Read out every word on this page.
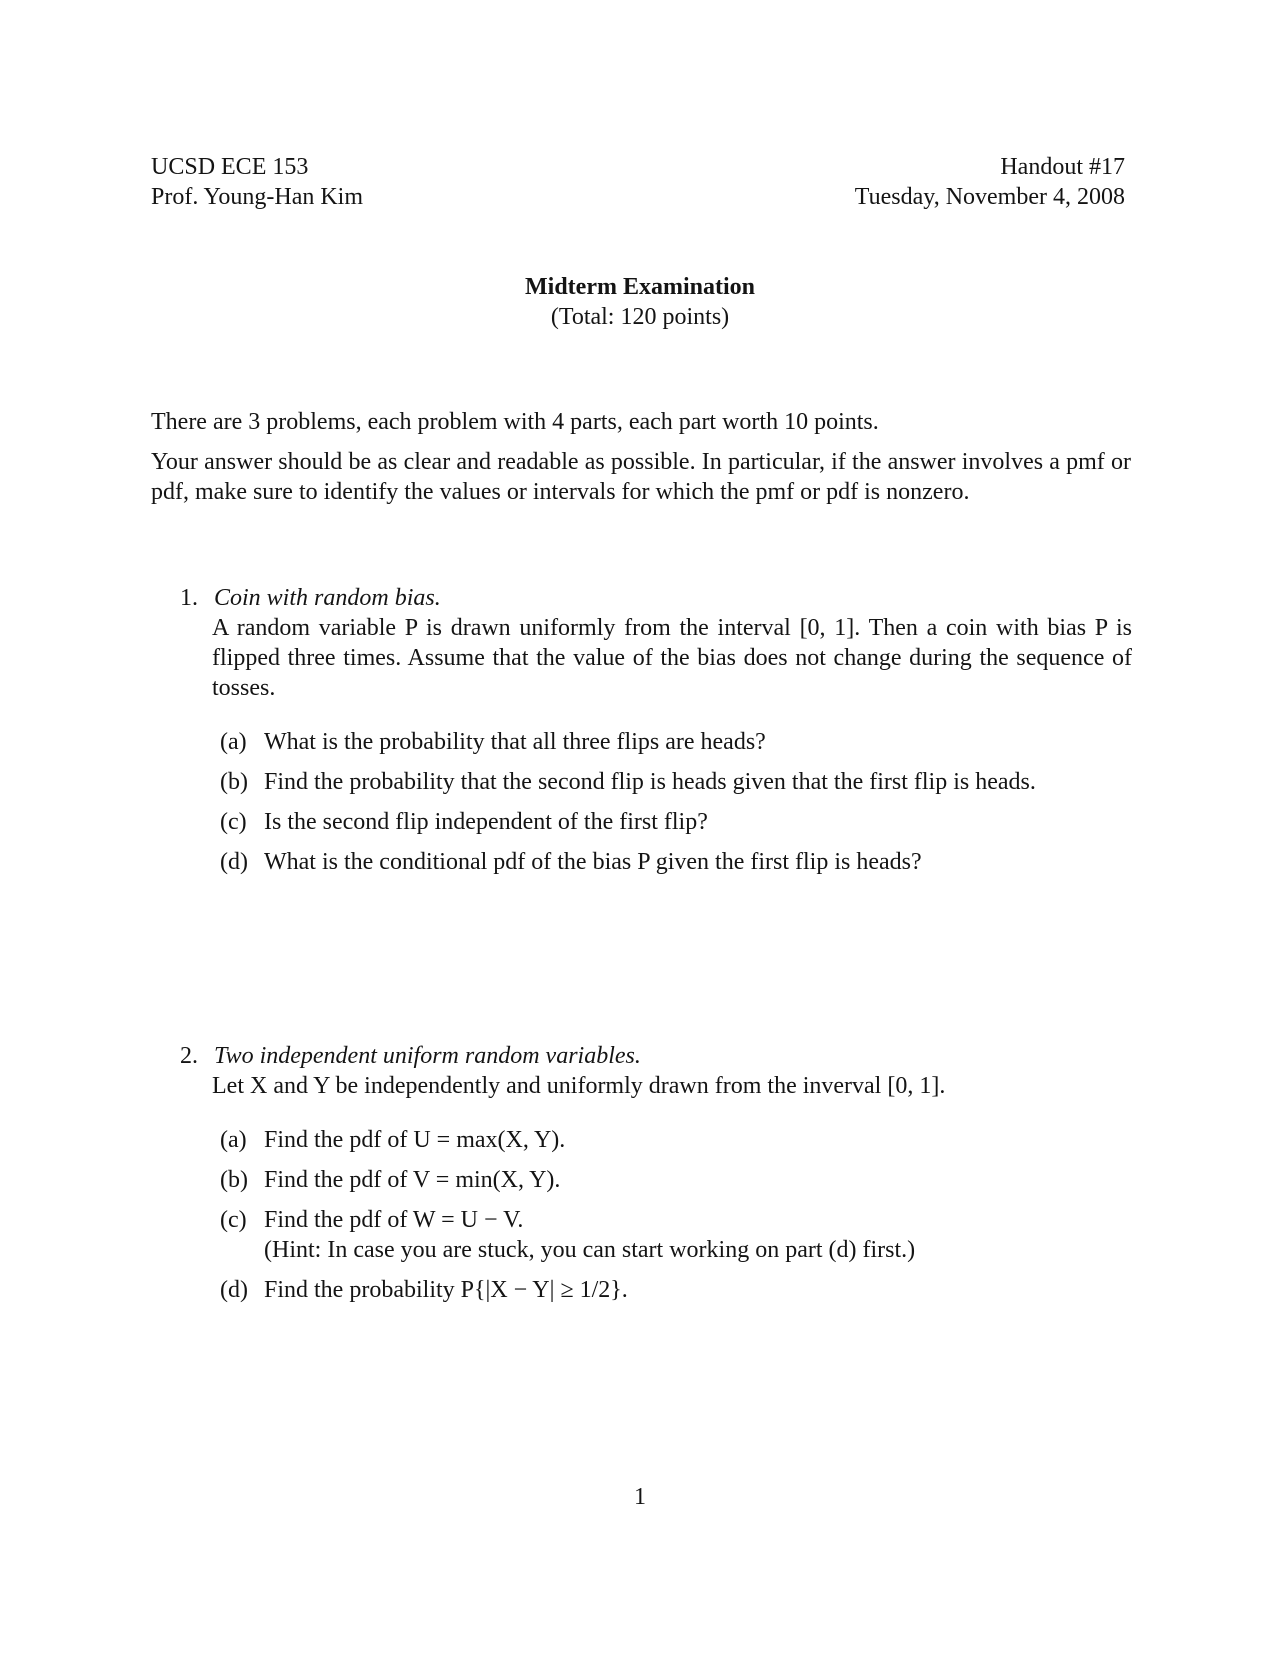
UCSD ECE 153
Prof. Young-Han Kim
Handout #17
Tuesday, November 4, 2008
Midterm Examination
(Total: 120 points)

There are 3 problems, each problem with 4 parts, each part worth 10 points.

Your answer should be as clear and readable as possible. In particular, if the answer involves a pmf or pdf, make sure to identify the values or intervals for which the pmf or pdf is nonzero.

1. Coin with random bias.
A random variable P is drawn uniformly from the interval [0, 1]. Then a coin with bias P is flipped three times. Assume that the value of the bias does not change during the sequence of tosses.
(a) What is the probability that all three flips are heads?
(b) Find the probability that the second flip is heads given that the first flip is heads.
(c) Is the second flip independent of the first flip?
(d) What is the conditional pdf of the bias P given the first flip is heads?
2. Two independent uniform random variables.
Let X and Y be independently and uniformly drawn from the inverval [0, 1].
(a) Find the pdf of U = max(X, Y).
(b) Find the pdf of V = min(X, Y).
(c) Find the pdf of W = U − V.
(Hint: In case you are stuck, you can start working on part (d) first.)
(d) Find the probability P{|X − Y| ≥ 1/2}.
1
